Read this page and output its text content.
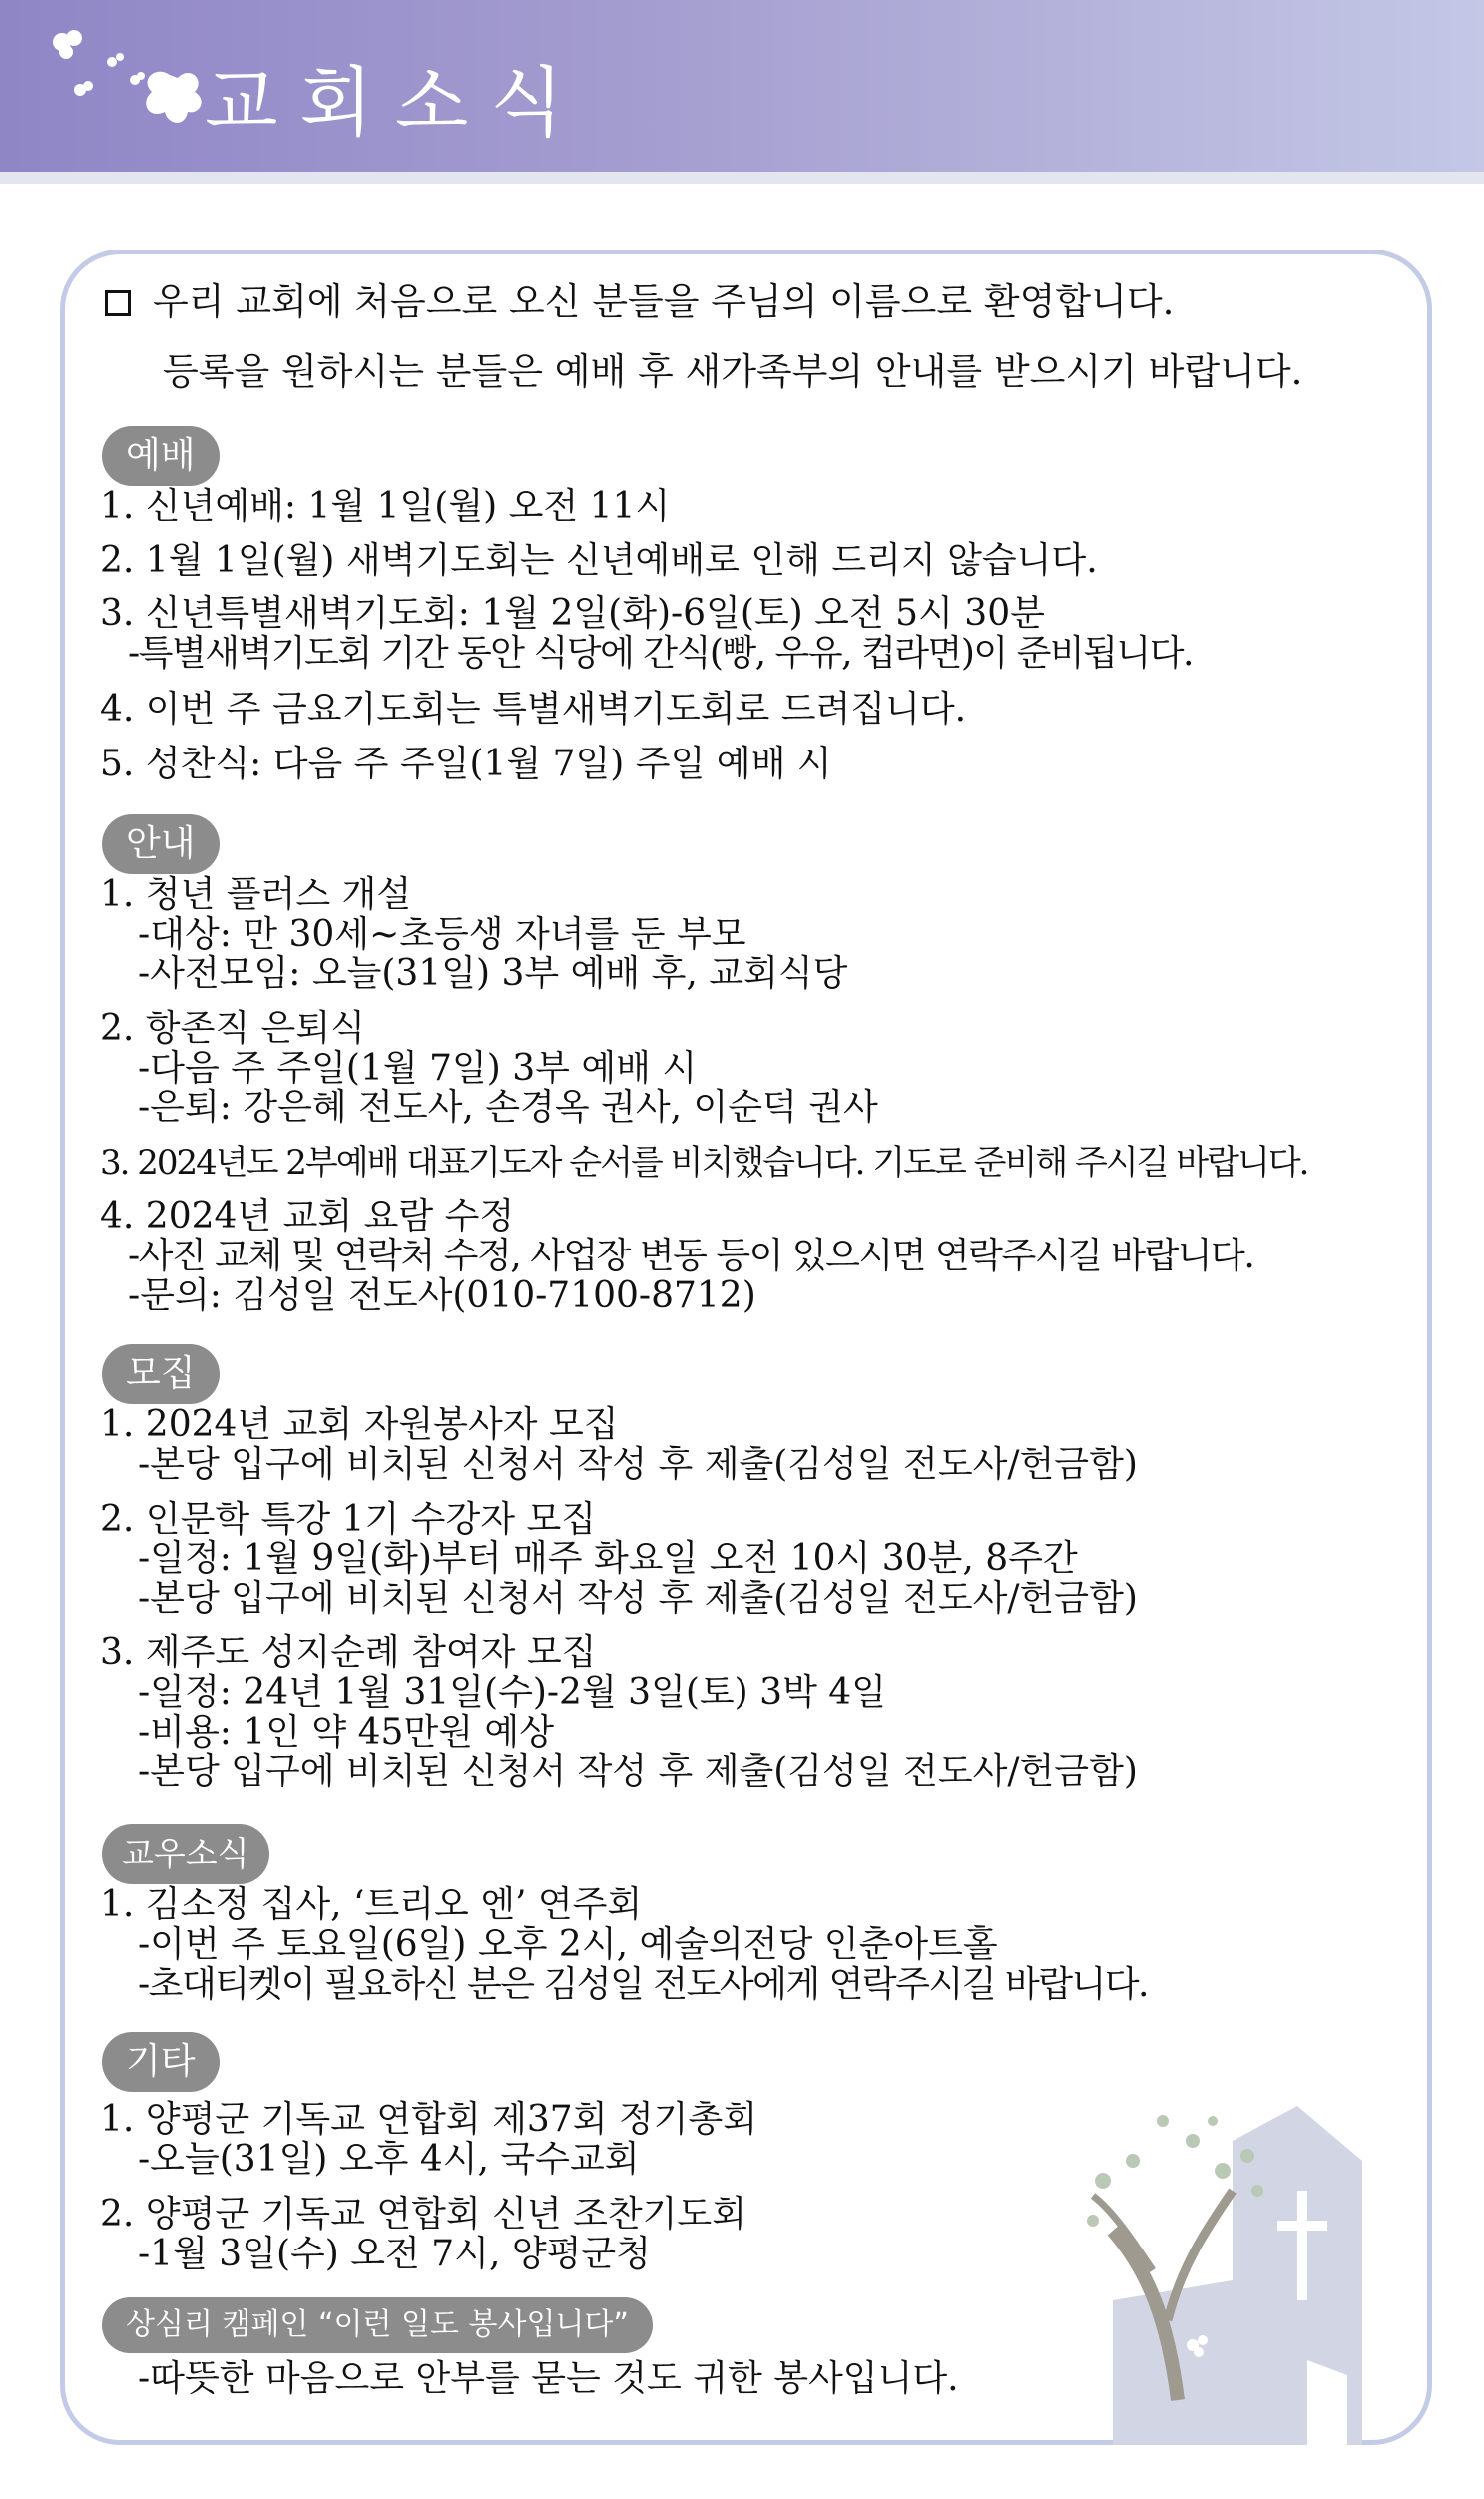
교회소식
우리 교회에 처음으로 오신 분들을 주님의 이름으로 환영합니다.
등록을 원하시는 분들은 예배 후 새가족부의 안내를 받으시기 바랍니다.
예배
1. 신년예배: 1월 1일(월) 오전 11시
2. 1월 1일(월) 새벽기도회는 신년예배로 인해 드리지 않습니다.
3. 신년특별새벽기도회: 1월 2일(화)-6일(토) 오전 5시 30분
-특별새벽기도회 기간 동안 식당에 간식(빵, 우유, 컵라면)이 준비됩니다.
4. 이번 주 금요기도회는 특별새벽기도회로 드려집니다.
5. 성찬식: 다음 주 주일(1월 7일) 주일 예배 시
안내
1. 청년 플러스 개설
-대상: 만 30세~초등생 자녀를 둔 부모
-사전모임: 오늘(31일) 3부 예배 후, 교회식당
2. 항존직 은퇴식
-다음 주 주일(1월 7일) 3부 예배 시
-은퇴: 강은혜 전도사, 손경옥 권사, 이순덕 권사
3. 2024년도 2부예배 대표기도자 순서를 비치했습니다. 기도로 준비해 주시길 바랍니다.
4. 2024년 교회 요람 수정
-사진 교체 및 연락처 수정, 사업장 변동 등이 있으시면 연락주시길 바랍니다.
-문의: 김성일 전도사(010-7100-8712)
모집
1. 2024년 교회 자원봉사자 모집
-본당 입구에 비치된 신청서 작성 후 제출(김성일 전도사/헌금함)
2. 인문학 특강 1기 수강자 모집
-일정: 1월 9일(화)부터 매주 화요일 오전 10시 30분, 8주간
-본당 입구에 비치된 신청서 작성 후 제출(김성일 전도사/헌금함)
3. 제주도 성지순례 참여자 모집
-일정: 24년 1월 31일(수)-2월 3일(토) 3박 4일
-비용: 1인 약 45만원 예상
-본당 입구에 비치된 신청서 작성 후 제출(김성일 전도사/헌금함)
교우소식
1. 김소정 집사, ‘트리오 엔’ 연주회
-이번 주 토요일(6일) 오후 2시, 예술의전당 인춘아트홀
-초대티켓이 필요하신 분은 김성일 전도사에게 연락주시길 바랍니다.
기타
1. 양평군 기독교 연합회 제37회 정기총회
-오늘(31일) 오후 4시, 국수교회
2. 양평군 기독교 연합회 신년 조찬기도회
-1월 3일(수) 오전 7시, 양평군청
상심리 캠페인 “이런 일도 봉사입니다”
-따뜻한 마음으로 안부를 묻는 것도 귀한 봉사입니다.
